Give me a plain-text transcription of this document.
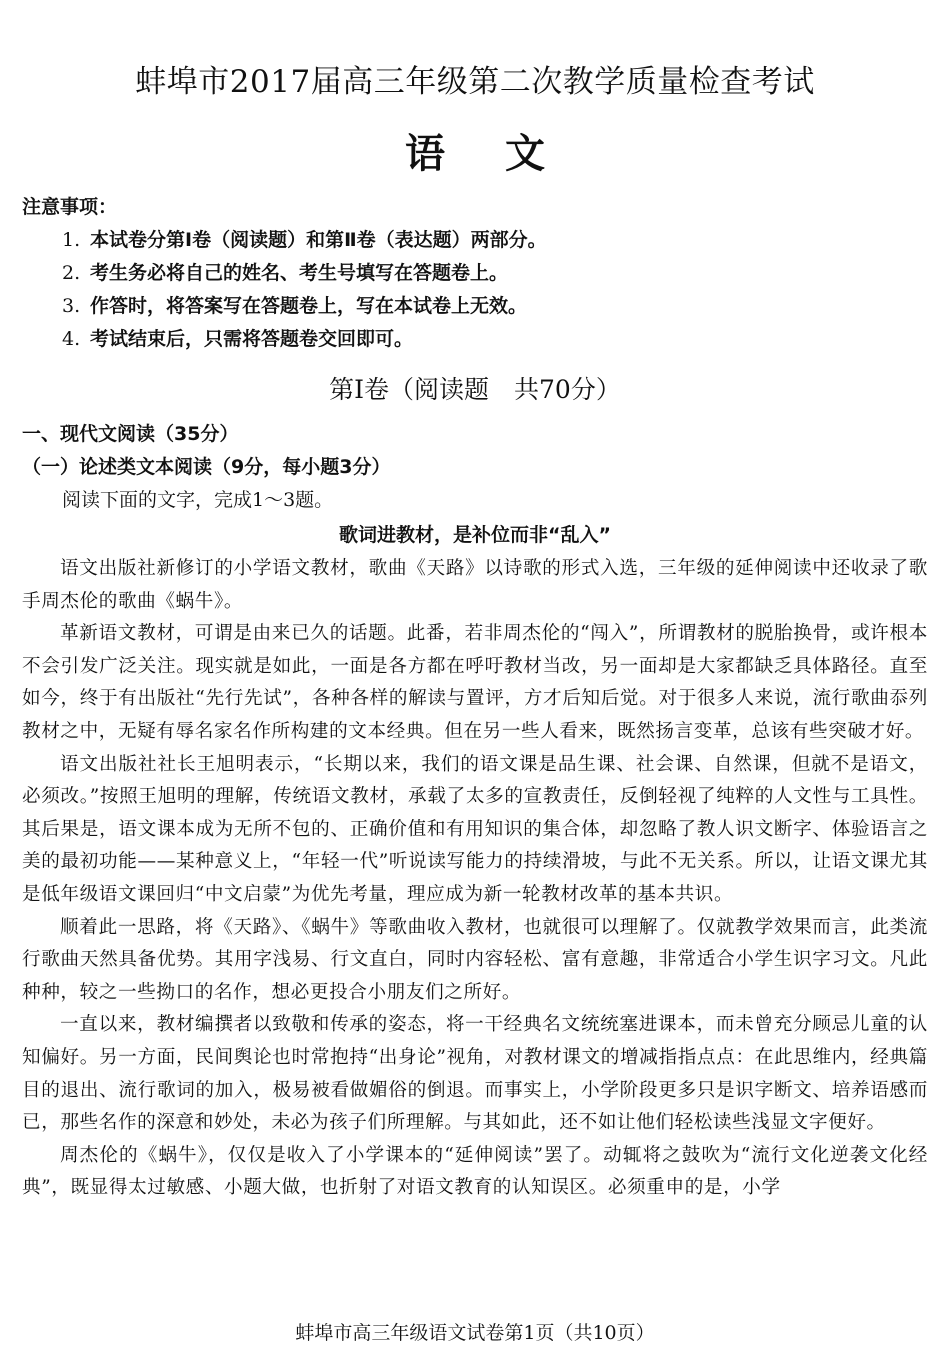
蚌埠市2017届高三年级第二次教学质量检查考试
语文
注意事项：
1. 本试卷分第Ⅰ卷（阅读题）和第Ⅱ卷（表达题）两部分。
2. 考生务必将自己的姓名、考生号填写在答题卷上。
3. 作答时，将答案写在答题卷上，写在本试卷上无效。
4. 考试结束后，只需将答题卷交回即可。
第Ⅰ卷（阅读题　共70分）

一、现代文阅读（35分）

（一）论述类文本阅读（9分，每小题3分）

阅读下面的文字，完成1～3题。

歌词进教材，是补位而非“乱入”

语文出版社新修订的小学语文教材，歌曲《天路》以诗歌的形式入选，三年级的延伸阅读中还收录了歌手周杰伦的歌曲《蜗牛》。

革新语文教材，可谓是由来已久的话题。此番，若非周杰伦的“闯入”，所谓教材的脱胎换骨，或许根本不会引发广泛关注。现实就是如此，一面是各方都在呼吁教材当改，另一面却是大家都缺乏具体路径。直至如今，终于有出版社“先行先试”，各种各样的解读与置评，方才后知后觉。对于很多人来说，流行歌曲忝列教材之中，无疑有辱名家名作所构建的文本经典。但在另一些人看来，既然扬言变革，总该有些突破才好。

语文出版社社长王旭明表示，“长期以来，我们的语文课是品生课、社会课、自然课，但就不是语文，必须改。”按照王旭明的理解，传统语文教材，承载了太多的宣教责任，反倒轻视了纯粹的人文性与工具性。其后果是，语文课本成为无所不包的、正确价值和有用知识的集合体，却忽略了教人识文断字、体验语言之美的最初功能——某种意义上，“年轻一代”听说读写能力的持续滑坡，与此不无关系。所以，让语文课尤其是低年级语文课回归“中文启蒙”为优先考量，理应成为新一轮教材改革的基本共识。

顺着此一思路，将《天路》、《蜗牛》等歌曲收入教材，也就很可以理解了。仅就教学效果而言，此类流行歌曲天然具备优势。其用字浅易、行文直白，同时内容轻松、富有意趣，非常适合小学生识字习文。凡此种种，较之一些拗口的名作，想必更投合小朋友们之所好。

一直以来，教材编撰者以致敬和传承的姿态，将一干经典名文统统塞进课本，而未曾充分顾忌儿童的认知偏好。另一方面，民间舆论也时常抱持“出身论”视角，对教材课文的增减指指点点：在此思维内，经典篇目的退出、流行歌词的加入，极易被看做媚俗的倒退。而事实上，小学阶段更多只是识字断文、培养语感而已，那些名作的深意和妙处，未必为孩子们所理解。与其如此，还不如让他们轻松读些浅显文字便好。

周杰伦的《蜗牛》，仅仅是收入了小学课本的“延伸阅读”罢了。动辄将之鼓吹为“流行文化逆袭文化经典”，既显得太过敏感、小题大做，也折射了对语文教育的认知误区。必须重申的是，小学

蚌埠市高三年级语文试卷第1页（共10页）
